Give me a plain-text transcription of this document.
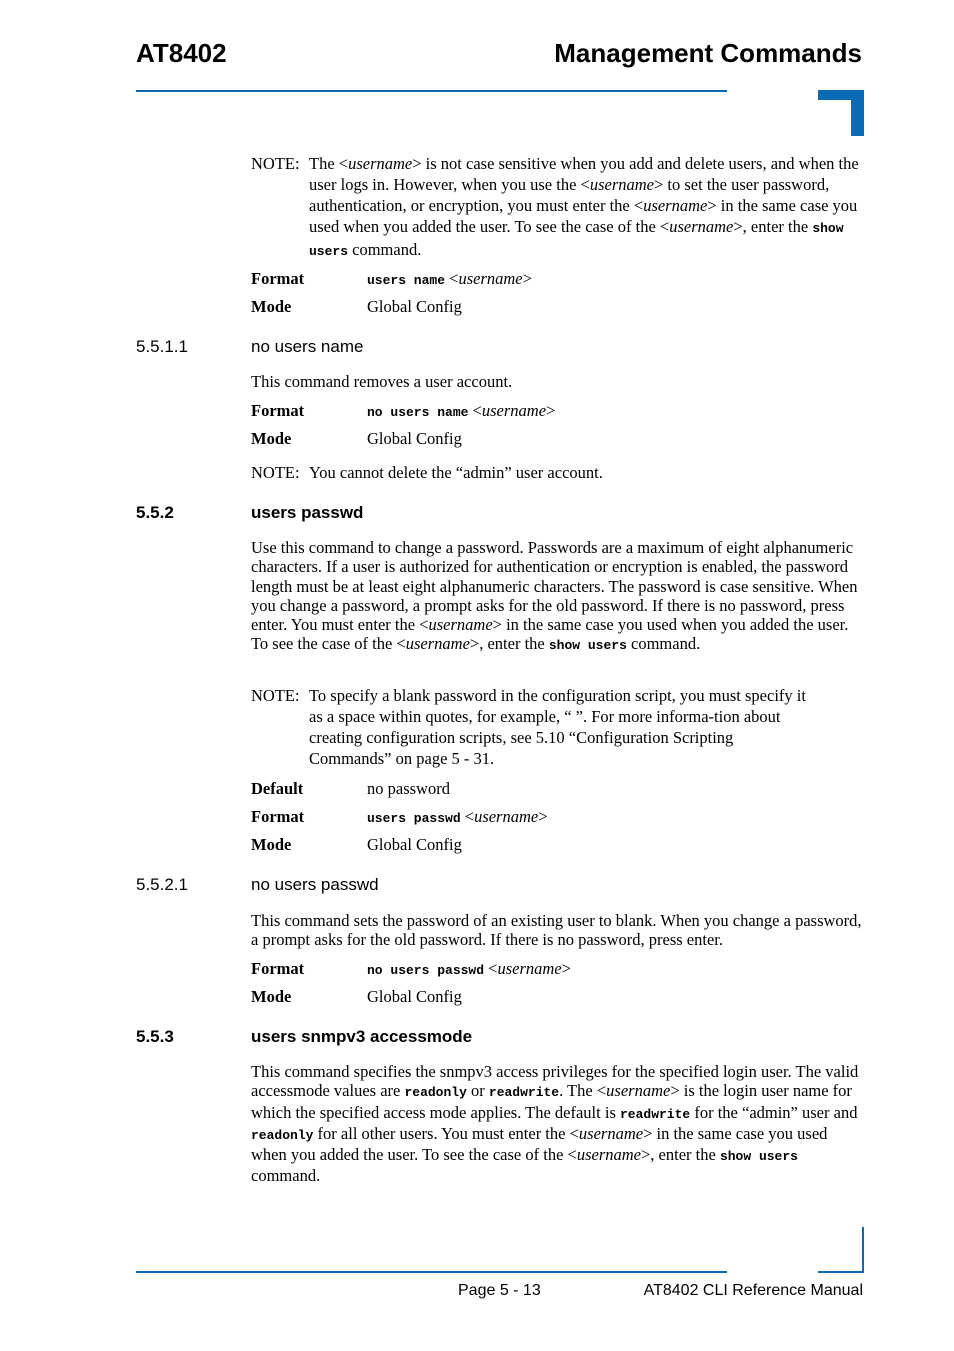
AT8402	Management Commands
NOTE: The <username> is not case sensitive when you add and delete users, and when the user logs in. However, when you use the <username> to set the user password, authentication, or encryption, you must enter the <username> in the same case you used when you added the user. To see the case of the <username>, enter the show users command.
Format	users name <username>
Mode	Global Config
5.5.1.1	no users name
This command removes a user account.
Format	no users name <username>
Mode	Global Config
NOTE: You cannot delete the “admin” user account.
5.5.2	users passwd
Use this command to change a password. Passwords are a maximum of eight alphanumeric characters. If a user is authorized for authentication or encryption is enabled, the password length must be at least eight alphanumeric characters. The password is case sensitive. When you change a password, a prompt asks for the old password. If there is no password, press enter. You must enter the <username> in the same case you used when you added the user. To see the case of the <username>, enter the show users command.
NOTE: To specify a blank password in the configuration script, you must specify it as a space within quotes, for example, “ ”. For more informa-tion about creating configuration scripts, see 5.10 “Configuration Scripting Commands” on page 5 - 31.
Default	no password
Format	users passwd <username>
Mode	Global Config
5.5.2.1	no users passwd
This command sets the password of an existing user to blank. When you change a password, a prompt asks for the old password. If there is no password, press enter.
Format	no users passwd <username>
Mode	Global Config
5.5.3	users snmpv3 accessmode
This command specifies the snmpv3 access privileges for the specified login user. The valid accessmode values are readonly or readwrite. The <username> is the login user name for which the specified access mode applies. The default is readwrite for the “admin” user and readonly for all other users. You must enter the <username> in the same case you used when you added the user. To see the case of the <username>, enter the show users command.
Page 5 - 13	AT8402 CLI Reference Manual
